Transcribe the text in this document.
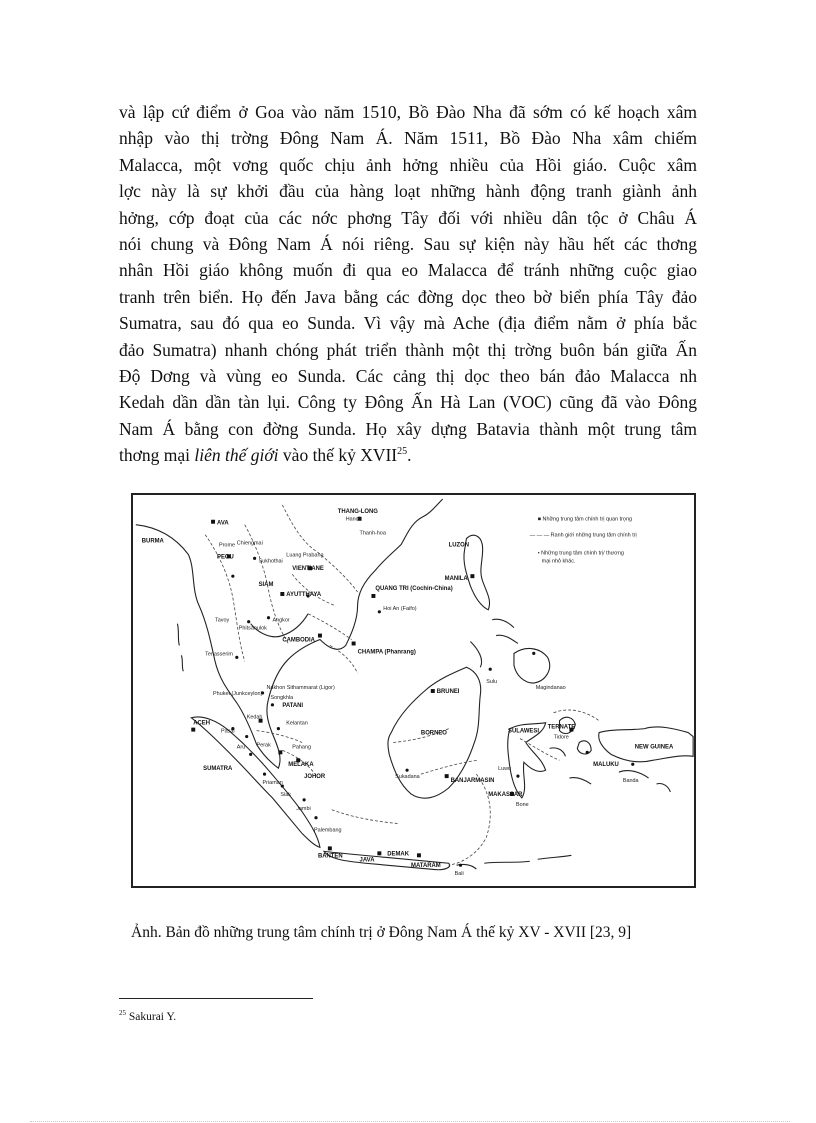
và lập cứ điểm ở Goa vào năm 1510, Bồ Đào Nha đã sớm có kế hoạch xâm
nhập vào thị trờng Đông Nam Á. Năm 1511, Bồ Đào Nha xâm chiếm
Malacca, một vơng quốc chịu ảnh hởng nhiều của Hồi giáo. Cuộc xâm
lợc này là sự khởi đầu của hàng loạt những hành động tranh giành ảnh
hởng, cớp đoạt của các nớc phơng Tây đối với nhiều dân tộc ở Châu Á
nói chung và Đông Nam Á nói riêng. Sau sự kiện này hầu hết các thơng
nhân Hồi giáo không muốn đi qua eo Malacca để tránh những cuộc giao
tranh trên biển. Họ đến Java bằng các đờng dọc theo bờ biển phía Tây đảo
Sumatra, sau đó qua eo Sunda. Vì vậy mà Ache (địa điểm nằm ở phía bắc
đảo Sumatra) nhanh chóng phát triển thành một thị trờng buôn bán giữa Ấn
Độ Dơng và vùng eo Sunda. Các cảng thị dọc theo bán đảo Malacca nh
Kedah dần dần tàn lụi. Công ty Đông Ấn Hà Lan (VOC) cũng đã vào Đông
Nam Á bằng con đờng Sunda. Họ xây dựng Batavia thành một trung tâm
thơng mại liên thế giới vào thế kỷ XVII$^{25}$.
■ Những trung tâm chính trị quan trọng
— — — Ranh giới những trung tâm chính trị
• Những trung tâm chính trị/ thương
mại nhỏ khác.
AVA
BURMA
PEGU
Prome Chiengmai
THANG-LONG
Hanoi
Thanh-hoa
Luang Prabang
VIENTIANE
Sukhothai
SIAM
AYUTTHAYA
Tavoy
Phitsanulok
Angkor
CAMBODIA
QUANG TRI (Cochin-China)
Hoi An (Faifo)
CHAMPA (Phanrang)
Tenasserim
LUZON
MANILA
Magindanao
Sulu
BRUNEI
BORNEO
Phuket (Junkceylon)
Nakhon Sithammarat (Ligor)
Songkhla
PATANI
Kelantan
ACEH
Pasai
Kedah
Aru Perak	Pahang
MELAKA
JOHOR
Siak
Priaman
Jambi
Palembang
SUMATRA
Sukadana
BANJARMASIN
SULAWESI
TERNATE
Tidore
MALUKU
NEW GUINEA
Banda
Luwu
MAKASSAR
Bone
BANTEN
JAVA
DEMAK
MATARAM
Bali
Ảnh. Bản đồ những trung tâm chính trị ở Đông Nam Á thế kỷ XV - XVII [23, 9]
$^{25}$ Sakurai Y.
